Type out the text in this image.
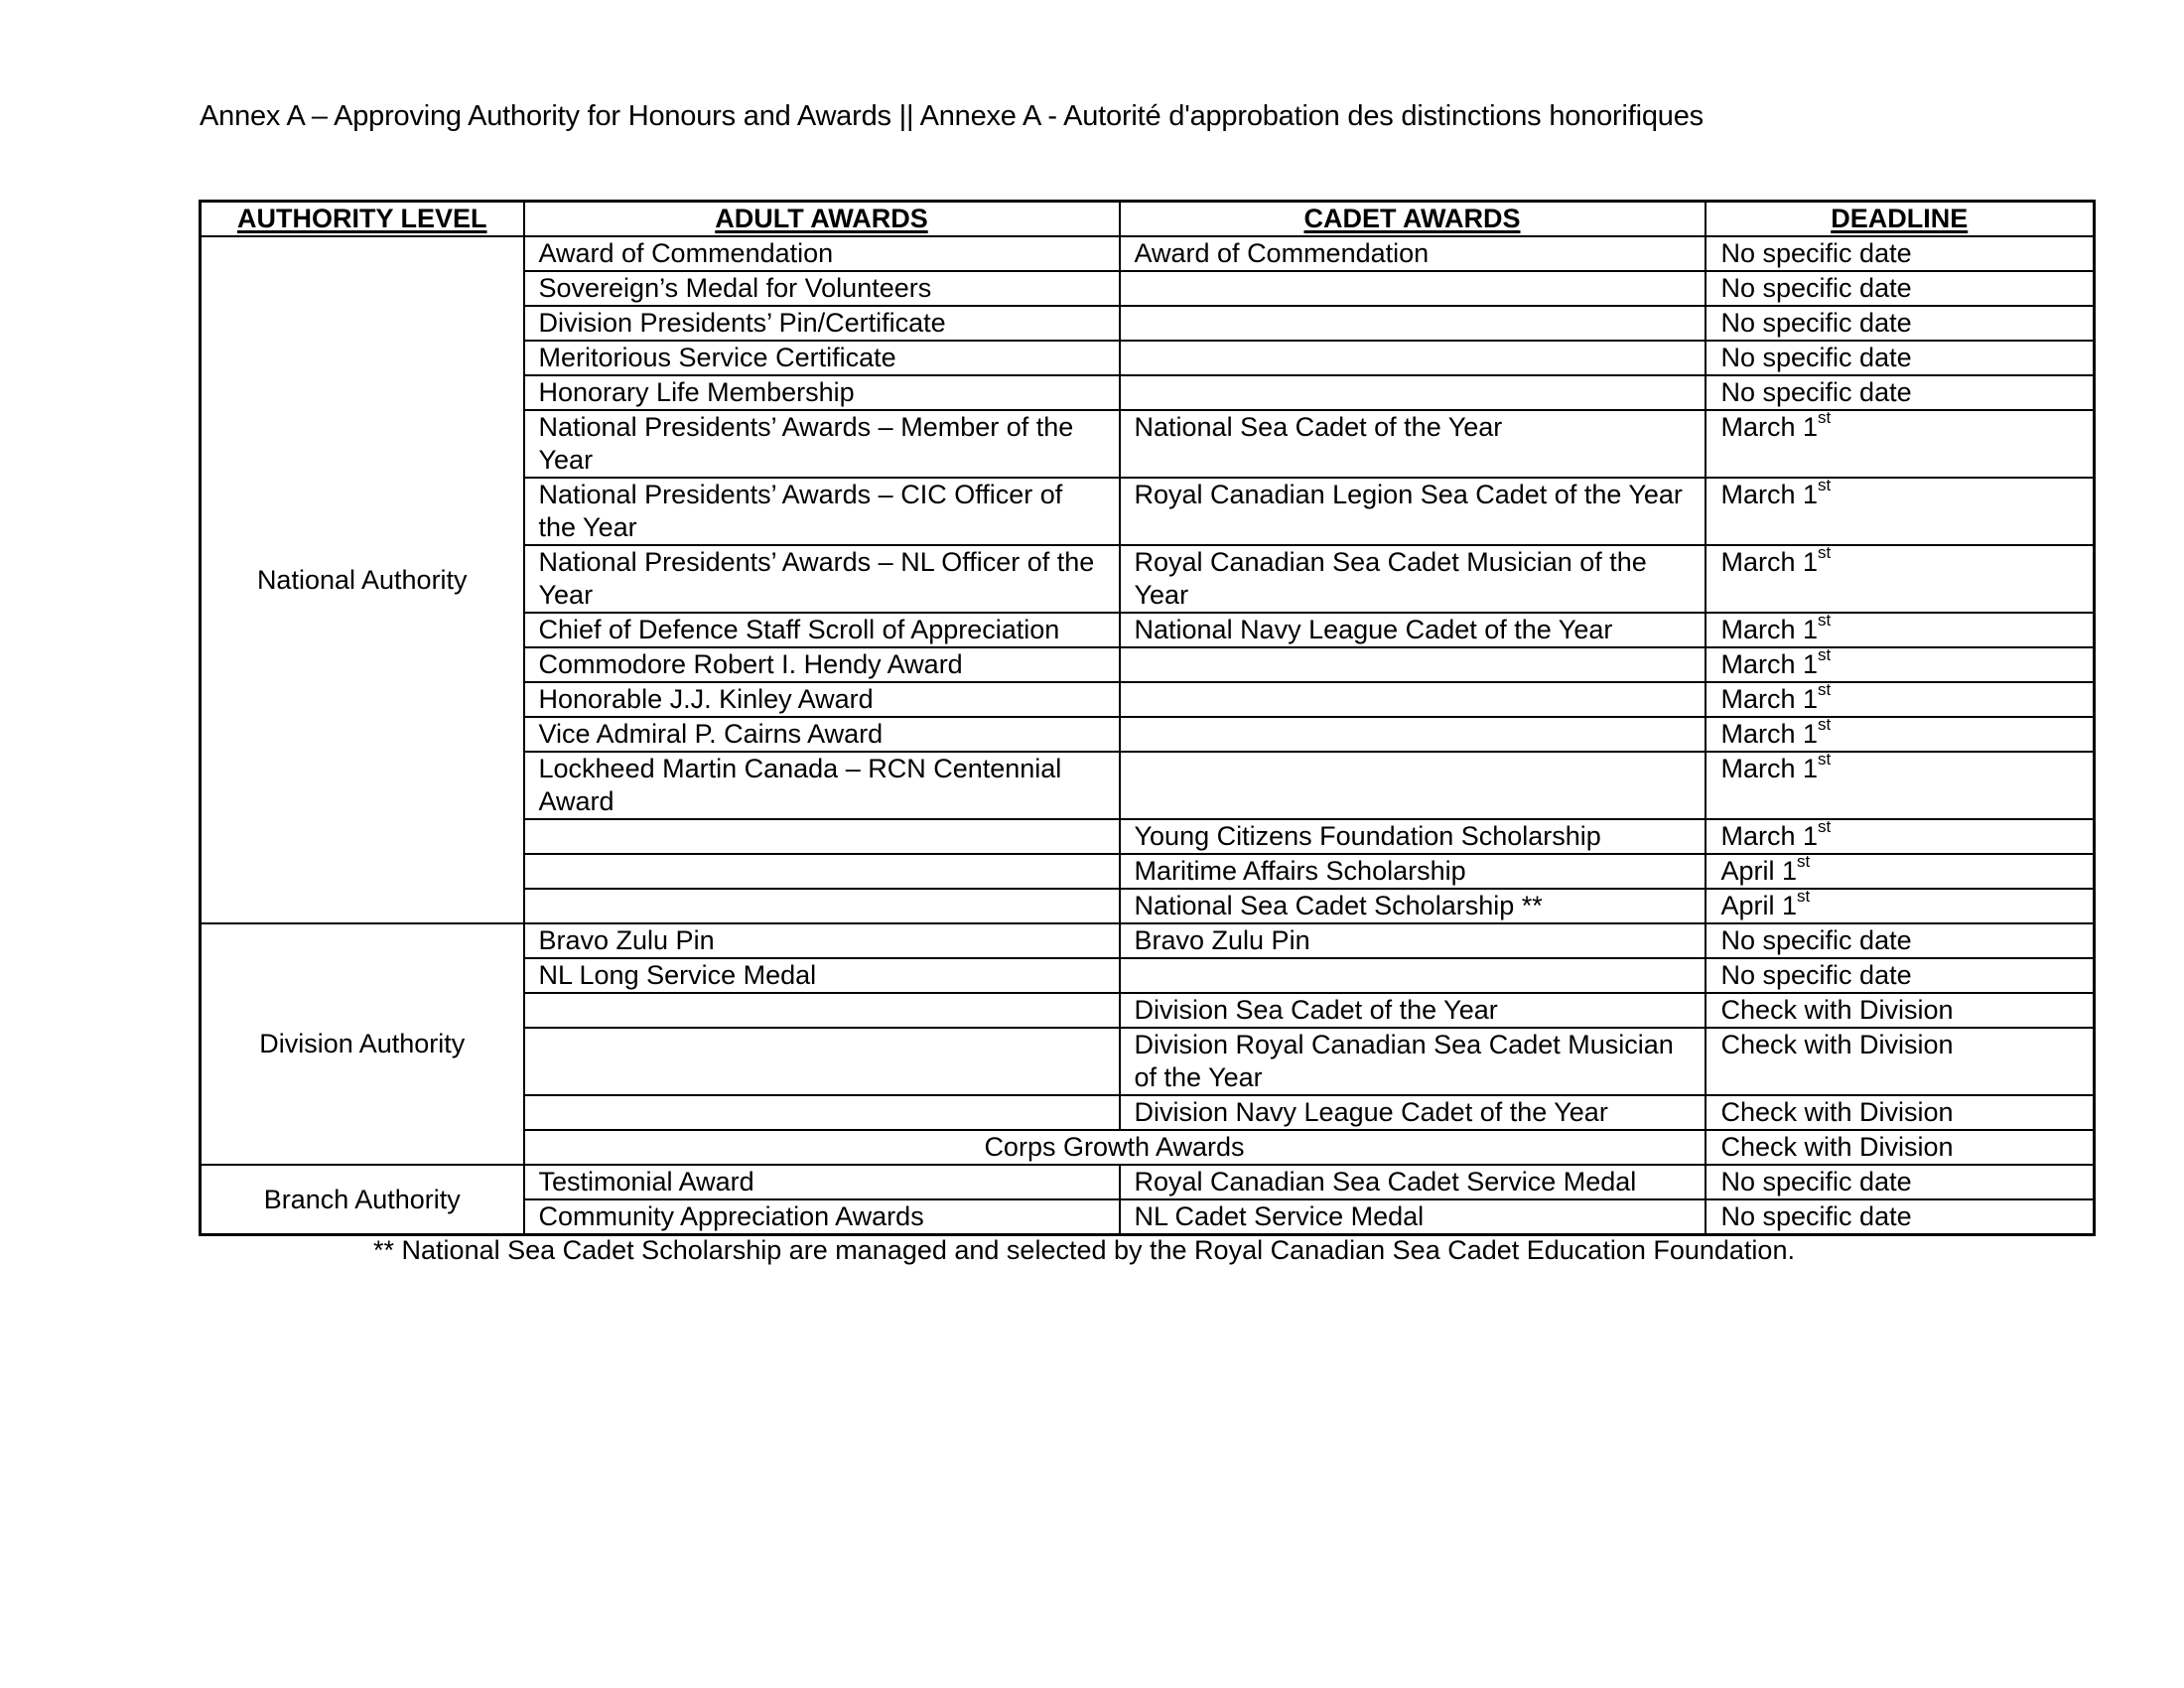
Annex A – Approving Authority for Honours and Awards || Annexe A - Autorité d'approbation des distinctions honorifiques
AUTHORITY LEVEL	ADULT AWARDS	CADET AWARDS	DEADLINE
National Authority	Award of Commendation	Award of Commendation	No specific date
	Sovereign’s Medal for Volunteers		No specific date
	Division Presidents’ Pin/Certificate		No specific date
	Meritorious Service Certificate		No specific date
	Honorary Life Membership		No specific date
	National Presidents’ Awards – Member of the Year	National Sea Cadet of the Year	March 1st
	National Presidents’ Awards – CIC Officer of the Year	Royal Canadian Legion Sea Cadet of the Year	March 1st
	National Presidents’ Awards – NL Officer of the Year	Royal Canadian Sea Cadet Musician of the Year	March 1st
	Chief of Defence Staff Scroll of Appreciation	National Navy League Cadet of the Year	March 1st
	Commodore Robert I. Hendy Award		March 1st
	Honorable J.J. Kinley Award		March 1st
	Vice Admiral P. Cairns Award		March 1st
	Lockheed Martin Canada – RCN Centennial Award		March 1st
		Young Citizens Foundation Scholarship	March 1st
		Maritime Affairs Scholarship	April 1st
		National Sea Cadet Scholarship **	April 1st
Division Authority	Bravo Zulu Pin	Bravo Zulu Pin	No specific date
	NL Long Service Medal		No specific date
		Division Sea Cadet of the Year	Check with Division
		Division Royal Canadian Sea Cadet Musician of the Year	Check with Division
		Division Navy League Cadet of the Year	Check with Division
	Corps Growth Awards		Check with Division
Branch Authority	Testimonial Award	Royal Canadian Sea Cadet Service Medal	No specific date
	Community Appreciation Awards	NL Cadet Service Medal	No specific date
** National Sea Cadet Scholarship are managed and selected by the Royal Canadian Sea Cadet Education Foundation.
